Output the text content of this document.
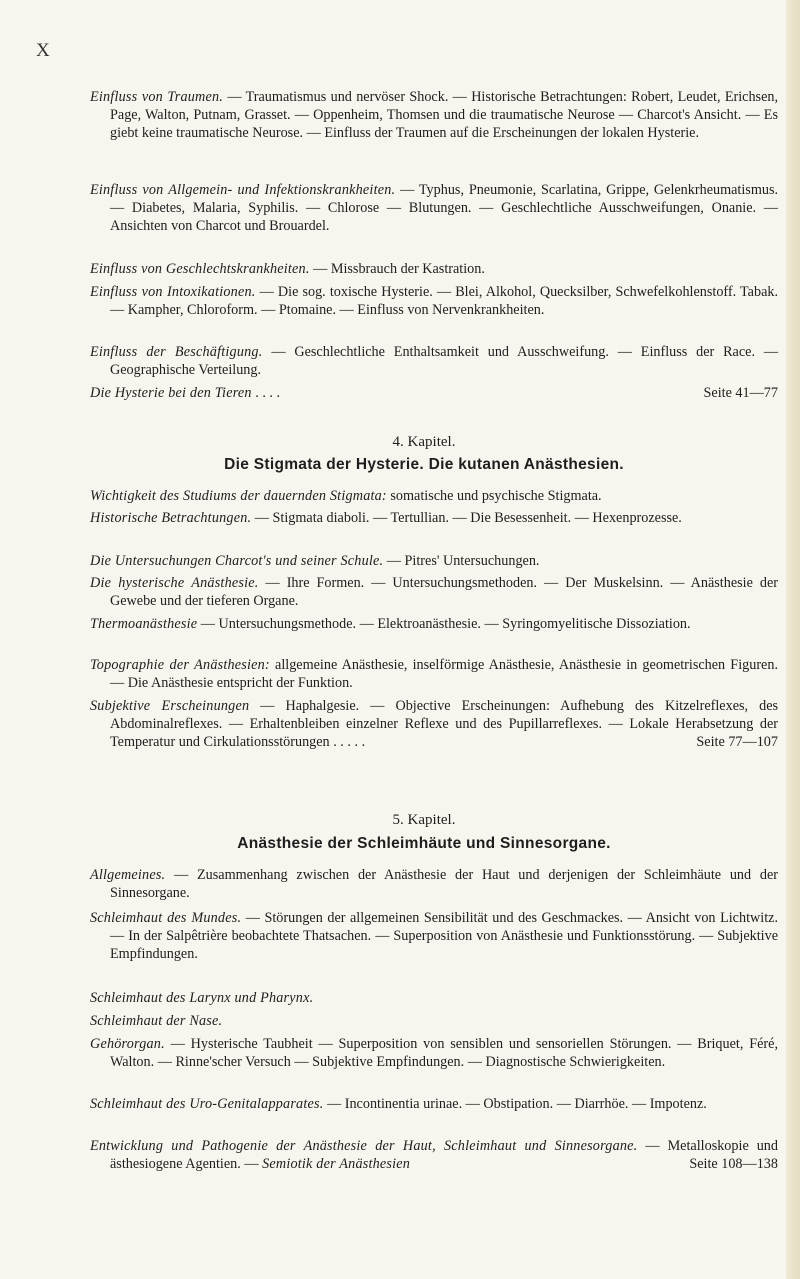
X
Einfluss von Traumen. — Traumatismus und nervöser Shock. — Historische Betrachtungen: Robert, Leudet, Erichsen, Page, Walton, Putnam, Grasset. — Oppenheim, Thomsen und die traumatische Neurose — Charcot's Ansicht. — Es giebt keine traumatische Neurose. — Einfluss der Traumen auf die Erscheinungen der lokalen Hysterie.
Einfluss von Allgemein- und Infektionskrankheiten. — Typhus, Pneumonie, Scarlatina, Grippe, Gelenkrheumatismus. — Diabetes, Malaria, Syphilis. — Chlorose — Blutungen. — Geschlechtliche Ausschweifungen, Onanie. — Ansichten von Charcot und Brouardel.
Einfluss von Geschlechtskrankheiten. — Missbrauch der Kastration.
Einfluss von Intoxikationen. — Die sog. toxische Hysterie. — Blei, Alkohol, Quecksilber, Schwefelkohlenstoff. Tabak. — Kampher, Chloroform. — Ptomaine. — Einfluss von Nervenkrankheiten.
Einfluss der Beschäftigung. — Geschlechtliche Enthaltsamkeit und Ausschweifung. — Einfluss der Race. — Geographische Verteilung.
Die Hysterie bei den Tieren . . . .	Seite 41—77
4. Kapitel.
Die Stigmata der Hysterie. Die kutanen Anästhesien.
Wichtigkeit des Studiums der dauernden Stigmata: somatische und psychische Stigmata.
Historische Betrachtungen. — Stigmata diaboli. — Tertullian. — Die Besessenheit. — Hexenprozesse.
Die Untersuchungen Charcot's und seiner Schule. — Pitres' Untersuchungen.
Die hysterische Anästhesie. — Ihre Formen. — Untersuchungsmethoden. — Der Muskelsinn. — Anästhesie der Gewebe und der tieferen Organe.
Thermoanästhesie — Untersuchungsmethode. — Elektroanästhesie. — Syringomyelitische Dissoziation.
Topographie der Anästhesien: allgemeine Anästhesie, inselförmige Anästhesie, Anästhesie in geometrischen Figuren. — Die Anästhesie entspricht der Funktion.
Subjektive Erscheinungen — Haphalgesie. — Objective Erscheinungen: Aufhebung des Kitzelreflexes, des Abdominalreflexes. — Erhaltenbleiben einzelner Reflexe und des Pupillarreflexes. — Lokale Herabsetzung der Temperatur und Cirkulationsstörungen . . . . .	Seite 77—107
5. Kapitel.
Anästhesie der Schleimhäute und Sinnesorgane.
Allgemeines. — Zusammenhang zwischen der Anästhesie der Haut und derjenigen der Schleimhäute und der Sinnesorgane.
Schleimhaut des Mundes. — Störungen der allgemeinen Sensibilität und des Geschmackes. — Ansicht von Lichtwitz. — In der Salpêtrière beobachtete Thatsachen. — Superposition von Anästhesie und Funktionsstörung. — Subjektive Empfindungen.
Schleimhaut des Larynx und Pharynx.
Schleimhaut der Nase.
Gehörorgan. — Hysterische Taubheit — Superposition von sensiblen und sensoriellen Störungen. — Briquet, Féré, Walton. — Rinne'scher Versuch — Subjektive Empfindungen. — Diagnostische Schwierigkeiten.
Schleimhaut des Uro-Genitalapparates. — Incontinentia urinae. — Obstipation. — Diarrhöe. — Impotenz.
Entwicklung und Pathogenie der Anästhesie der Haut, Schleimhaut und Sinnesorgane. — Metalloskopie und ästhesiogene Agentien. — Semiotik der Anästhesien	Seite 108—138
